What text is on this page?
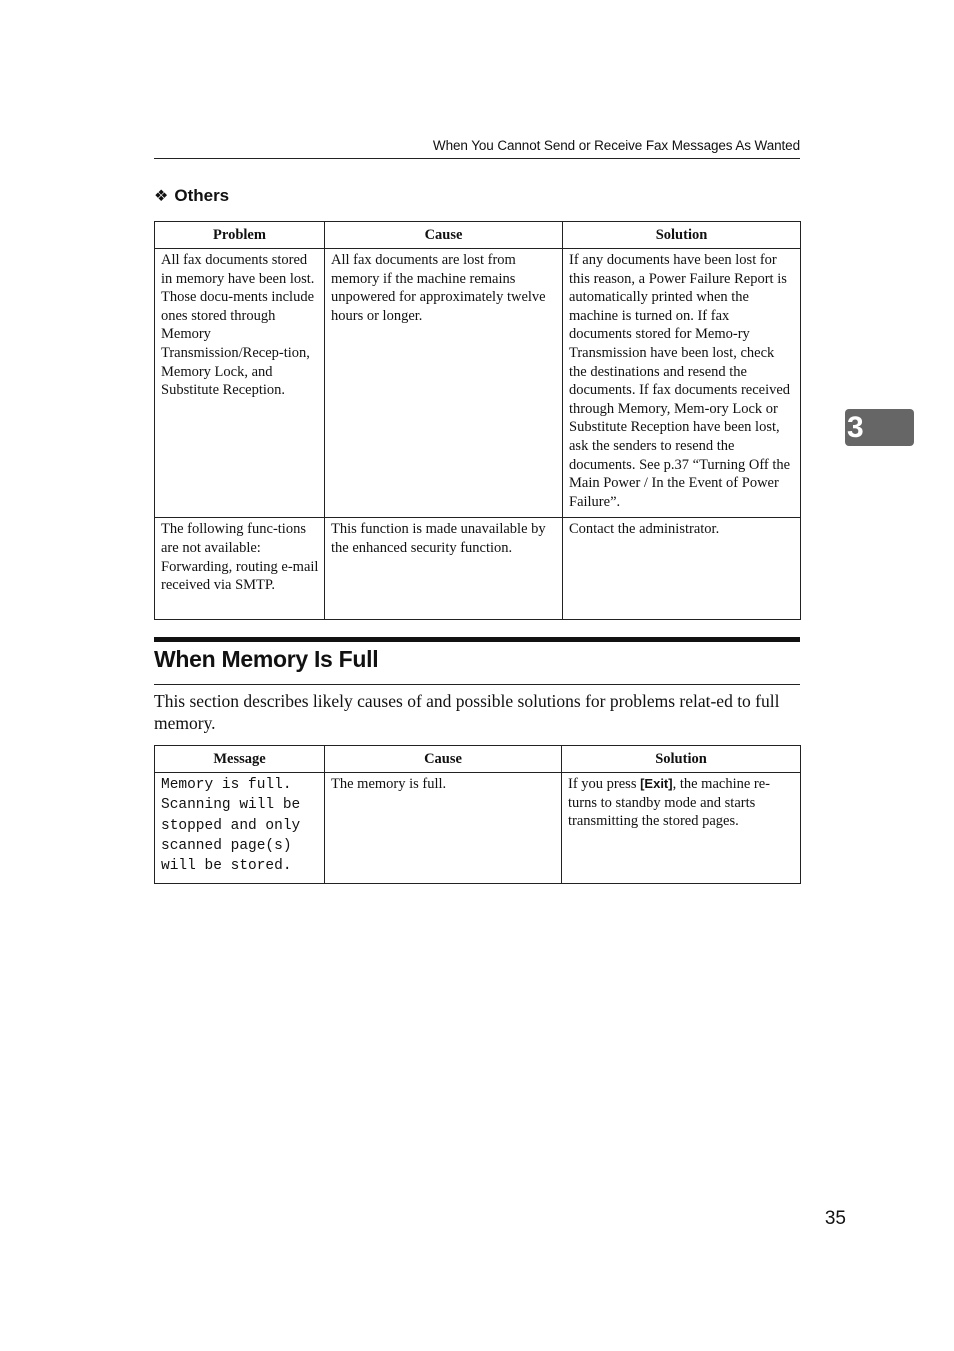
When You Cannot Send or Receive Fax Messages As Wanted
❖ Others
Problem	Cause	Solution
All fax documents stored in memory have been lost. Those docu-ments include ones stored through Memory Transmission/Recep-tion, Memory Lock, and Substitute Reception.	All fax documents are lost from memory if the machine remains unpowered for approximately twelve hours or longer.	If any documents have been lost for this reason, a Power Failure Report is automatically printed when the machine is turned on. If fax documents stored for Memo-ry Transmission have been lost, check the destinations and resend the documents. If fax documents received through Memory, Mem-ory Lock or Substitute Reception have been lost, ask the senders to resend the documents. See p.37 “Turning Off the Main Power / In the Event of Power Failure”.
The following func-tions are not available: Forwarding, routing e-mail received via SMTP.	This function is made unavailable by the enhanced security function.	Contact the administrator.
When Memory Is Full
This section describes likely causes of and possible solutions for problems relat-ed to full memory.
Message	Cause	Solution
Memory is full.
Scanning will be
stopped and only
scanned page(s)
will be stored.	The memory is full.	If you press [Exit], the machine re-turns to standby mode and starts transmitting the stored pages.
3
35
